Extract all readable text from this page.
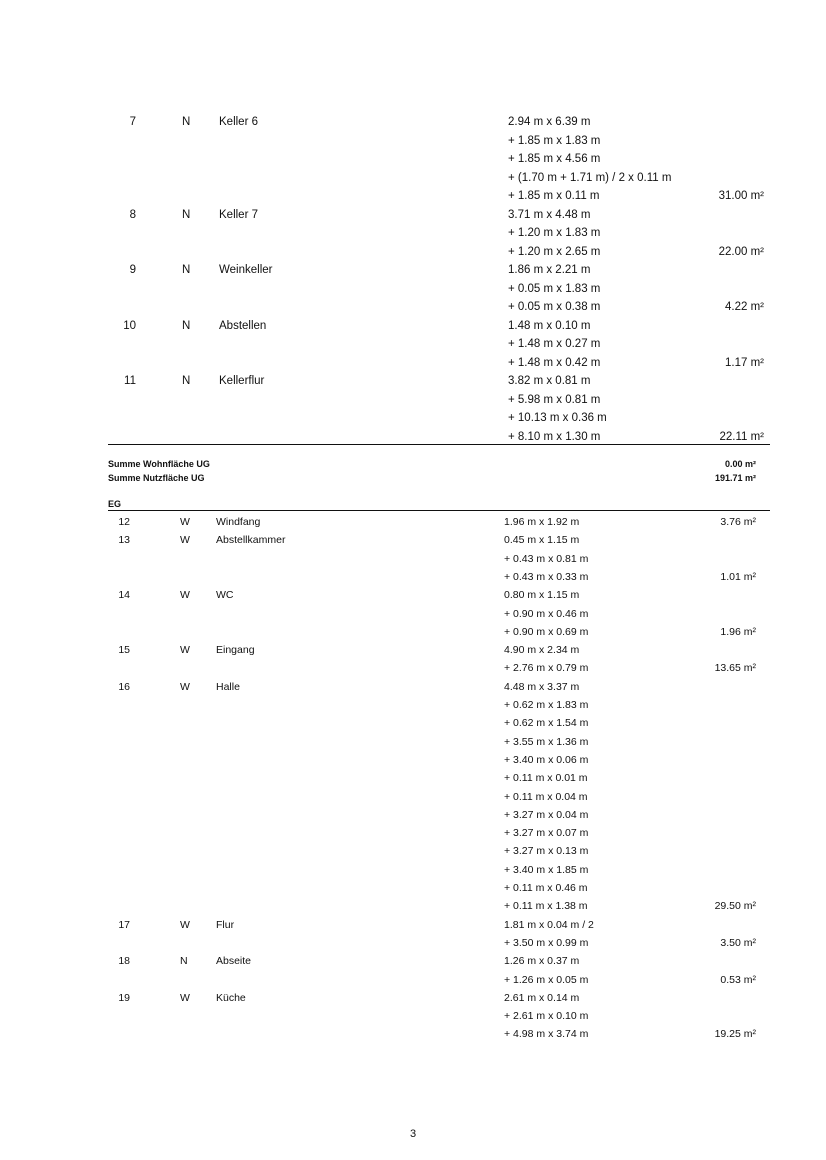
7	N	Keller 6	2.94 m x 6.39 m
+ 1.85 m x 1.83 m
+ 1.85 m x 4.56 m
+ (1.70 m + 1.71 m) / 2 x 0.11 m
+ 1.85 m x 0.11 m	31.00 m²
8	N	Keller 7	3.71 m x 4.48 m
+ 1.20 m x 1.83 m
+ 1.20 m x 2.65 m	22.00 m²
9	N	Weinkeller	1.86 m x 2.21 m
+ 0.05 m x 1.83 m
+ 0.05 m x 0.38 m	4.22 m²
10	N	Abstellen	1.48 m x 0.10 m
+ 1.48 m x 0.27 m
+ 1.48 m x 0.42 m	1.17 m²
11	N	Kellerflur	3.82 m x 0.81 m
+ 5.98 m x 0.81 m
+ 10.13 m x 0.36 m
+ 8.10 m x 1.30 m	22.11 m²
Summe Wohnfläche UG	0.00 m²
Summe Nutzfläche UG	191.71 m²
EG
12	W	Windfang	1.96 m x 1.92 m	3.76 m²
13	W	Abstellkammer	0.45 m x 1.15 m
+ 0.43 m x 0.81 m
+ 0.43 m x 0.33 m	1.01 m²
14	W	WC	0.80 m x 1.15 m
+ 0.90 m x 0.46 m
+ 0.90 m x 0.69 m	1.96 m²
15	W	Eingang	4.90 m x 2.34 m
+ 2.76 m x 0.79 m	13.65 m²
16	W	Halle	4.48 m x 3.37 m
+ 0.62 m x 1.83 m
+ 0.62 m x 1.54 m
+ 3.55 m x 1.36 m
+ 3.40 m x 0.06 m
+ 0.11 m x 0.01 m
+ 0.11 m x 0.04 m
+ 3.27 m x 0.04 m
+ 3.27 m x 0.07 m
+ 3.27 m x 0.13 m
+ 3.40 m x 1.85 m
+ 0.11 m x 0.46 m
+ 0.11 m x 1.38 m	29.50 m²
17	W	Flur	1.81 m x 0.04 m / 2
+ 3.50 m x 0.99 m	3.50 m²
18	N	Abseite	1.26 m x 0.37 m
+ 1.26 m x 0.05 m	0.53 m²
19	W	Küche	2.61 m x 0.14 m
+ 2.61 m x 0.10 m
+ 4.98 m x 3.74 m	19.25 m²
3
